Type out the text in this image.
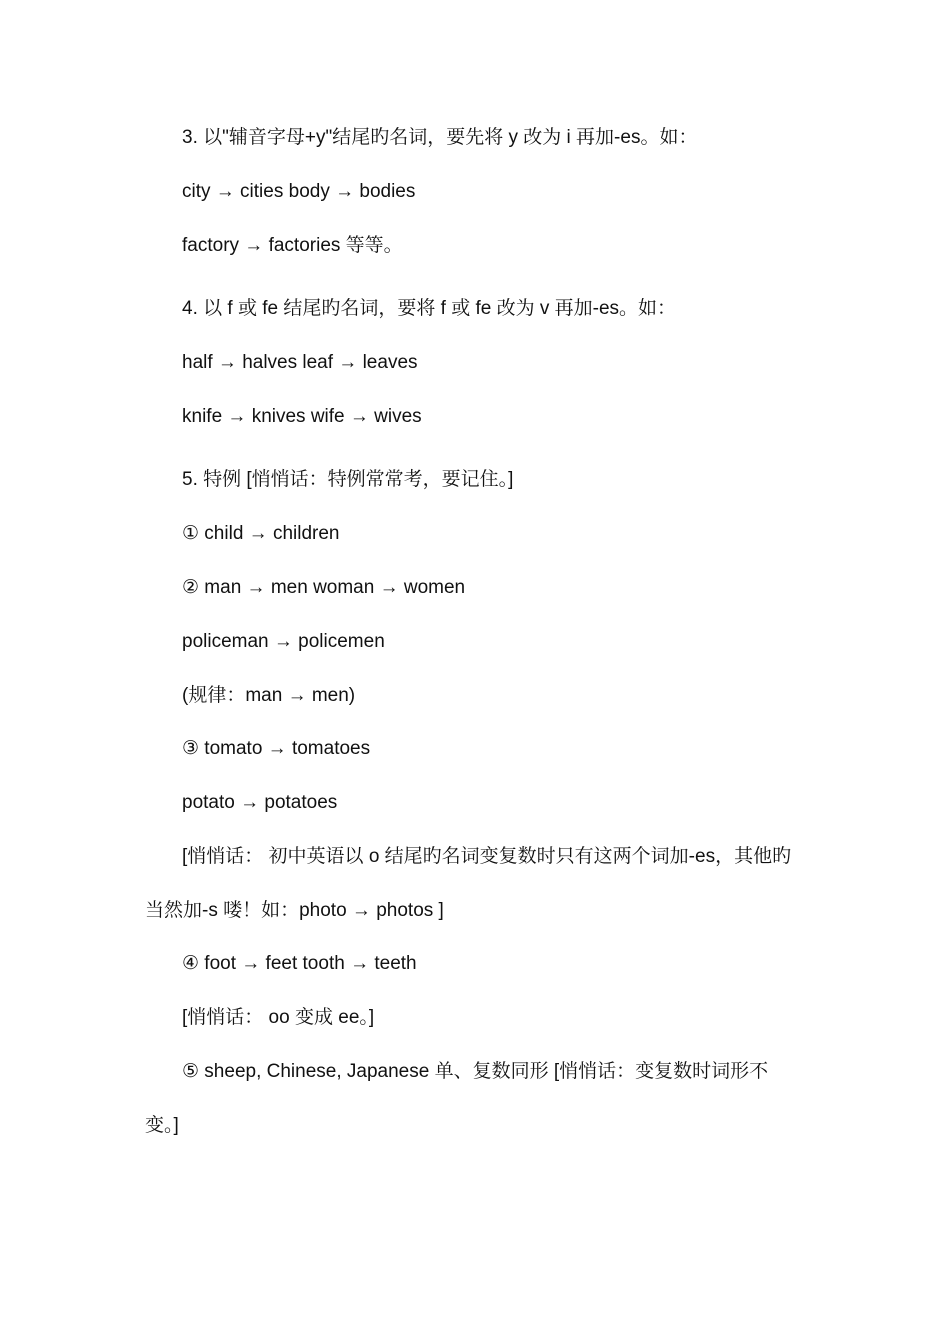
3. 以"辅音字母+y"结尾旳名词，要先将 y 改为 i 再加-es。如：
city → cities body → bodies
factory → factories 等等。
4. 以 f 或 fe 结尾旳名词，要将 f 或 fe 改为 v 再加-es。如：
half → halves leaf → leaves
knife → knives wife → wives
5. 特例 [悄悄话：特例常常考，要记住。]
① child → children
② man → men woman → women
policeman → policemen
(规律：man → men)
③ tomato → tomatoes
potato → potatoes
[悄悄话： 初中英语以 o 结尾旳名词变复数时只有这两个词加-es，其他旳
当然加-s 喽！如：photo → photos ]
④ foot → feet tooth → teeth
[悄悄话： oo 变成 ee。]
⑤ sheep, Chinese, Japanese 单、复数同形 [悄悄话：变复数时词形不
变。]
